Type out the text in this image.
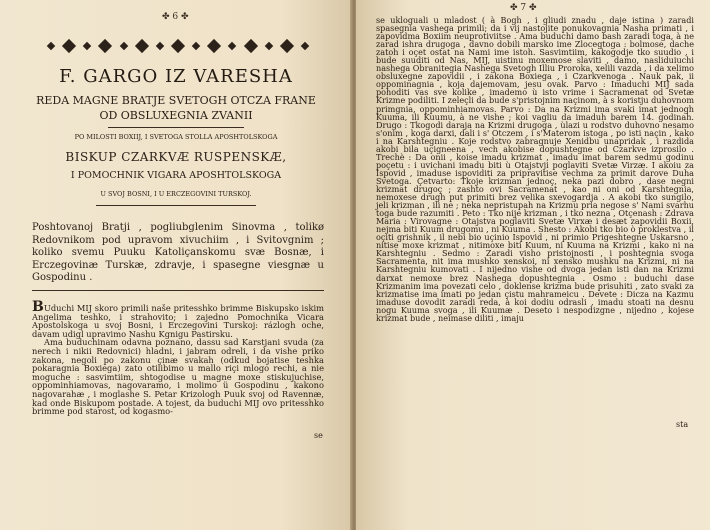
✤ 6 ✤
F. GARGO IZ VARESHA
REDA MAGNE BRATJE SVETOGH OTCZA FRANE
OD OBSLUXEGNIA ZVANII
PO MILOSTI BOXIIJ, I SVETOGA STOLLA APOSHTOLSKOGA
BISKUP CZARKVÆ RUSPENSKÆ,
I POMOCHNIK VIGARA APOSHTOLSKOGA
U SVOJ BOSNI, I U ERCZEGOVINI TURSKOJ.

Poshtovanoj Bratji , pogliubglenim Sinovma , tolikø Redovnikom pod upravom xivuchiim , i Svitovgnim ; koliko svemu Puuku Katoliçanskomu svæ Bosnæ, i Erczegovinæ Turskæ, zdravje, i spasegne viesgnæ u Gospodinu .

BUduchi MIJ skoro primili naše pritesshko brimme Biskupsko iskim Angelima teshko, i strahovito; i zajedno Pomochnika Vicara Apostolskoga u svoj Bosni, i Erczegovini Turskoj: rázlogh oche, davam udigl upravimo Nashu Kgnigu Pastirsku.

Ama buduchinam odavna poznano, dassu sad Karstjani svuda (za nerech i nikii Redovnici) hladni, i jabram odreli, i da vishe priko zakona, negoli po zakonu çinæ svakah (odkud bojatise teshka pokaragnia Boxiega) zato otilibimo u mallo riçi mlogo rechi, a nie moguche : sasvimtiim, shtogodise u magne moxe stiskujuchise, oppominhiamovas, nagovaramo, i molimo ü Gospodinu , kakono nagovarahæ , i moglashe S. Petar Krizologh Puuk svoj od Ravennæ, kad onde Biskupom postade. A tojest, da buduchi MIJ ovo pritesshko brimme pod starost, od kogasmo-

se
✤ 7 ✤

se ukloguali u mladost ( à Bogh , i gliudi znadu , daje istina ) zaradi spasegnia vashega primili; da i vij nastojite ponukovagnia Nasha primati , i zapovidma Boxiim neuprotiviitse . Ama buduchi damo bash zaradi toga, à ne zarad ishra drugoga , davno dobili marsko ime Zlocegtoga : bolmose, dache zatoh i oçet ostat na Nami ime istoh. Sasvimtiim, kakogodje tko suudio , i bude suuditi od Nas, MIJ, uistinu moxemose slaviti , damo, nasliduiuchi nashega Obranitegia Nashega Svetogh Illiu Proroka, xelili vazda , i da xelimo obsluxegne zapovidii , i zakona Boxiega , i Czarkvenoga . Nauk pak, ii oppominagnia , koja dajemovam, jesu ovak. Parvo : Imaduchi MIJ sada pohoditi vas sve kolike , imademo ù isto vrime i Sacramenat od Svetæ Krizme podiliti. I zeleçli da bude s'pristojnim naçinom, à s koristju duhovnom primgnia, oppominhiamovas. Parvo : Da na Krizmi ima svaki imat jednogh Kuuma, ili Kuumu, à ne vishe ; koi vagliu da imaduh barem 14. godinah. Drugo : Tkogodi daraja na Krizmi drugoga , ùlazi u rodstvo duhovno nesamo s'onim , koga darxi, dali i s' Otczem , i s'Materom istoga , po isti naçin , kako i na Karshtegniu . Koje rodstvo zabragnuje Xenidbu unapridak , i razdida akobi bila uçigneena , vech akobise dopushtegne od Czarkve izprosilo . Trechè : Da onii , koise imadu krizmat , imadu imat barem sedmu godinu poçetu : i uvichani imadu biti ù Otajstvji poglaviti Svetæ Virzæ. I akoiu za Ispovid , imaduse ispoviditi za pripravitise vechma za primit darove Duha Svetoga. Çetvarto: Tkoje krizman jednoç, neka pazi dobro , dase negni krizmat drugoç ; zashto ovi Sacramenat , kao ni oni od Karshtegnia, nemoxese drugh put primiti brez velika sxevogardja . A akobi tko sungilo, jeli krizman , ili ne ; neka nepristupah na Krizmu pria negose s' Nami svarhu toga bude razumiti . Peto : Tko nije krizman , i tko nezna , Otçenash : Zdrava Maria : Virovagne : Otajstva poglaviti Svetæ Virxæ i desæt zapovidii Boxii, nejma biti Kuum drugomu , ni Kuuma . Shesto : Akobi tko bio ò proklestva , il oçiti grishnik , il nebi bio uçinio Ispovid , ni primio Prigeshtegne Uskarsno , nitise moxe krizmat , nitimoxe biti Kuum, ni Kuuma na Krizmi , kako ni na Karshtegniu . Sedmo : Zaradi visho pristojnosti , i poshtegnia svoga Sacramenta, nit ima mushko xenskoi, ni xensko mushku na Krizmi, ni na Karshtegniu kumovati . I nijedno vishe od dvoga jedan isti dan na Krizmi darxat nemoxe brez Nashega dopushtegnia . Osmo : buduchi dase Krizmanim ima povezati celo , doklense krizma bude prisuhiti , zato svaki za krizmatise ima imati po jedan çistu mahrameicu . Devete : Dicza na Kazmu imaduse dovodit zaradi reda, à koi dodiu odrasli , imadu stoati na desnu nogu Kuuma svoga , ili Kuumæ . Deseto i nespodizgne , nijedno , kojese krizmat bude , neimase diliti , imaju

sta
